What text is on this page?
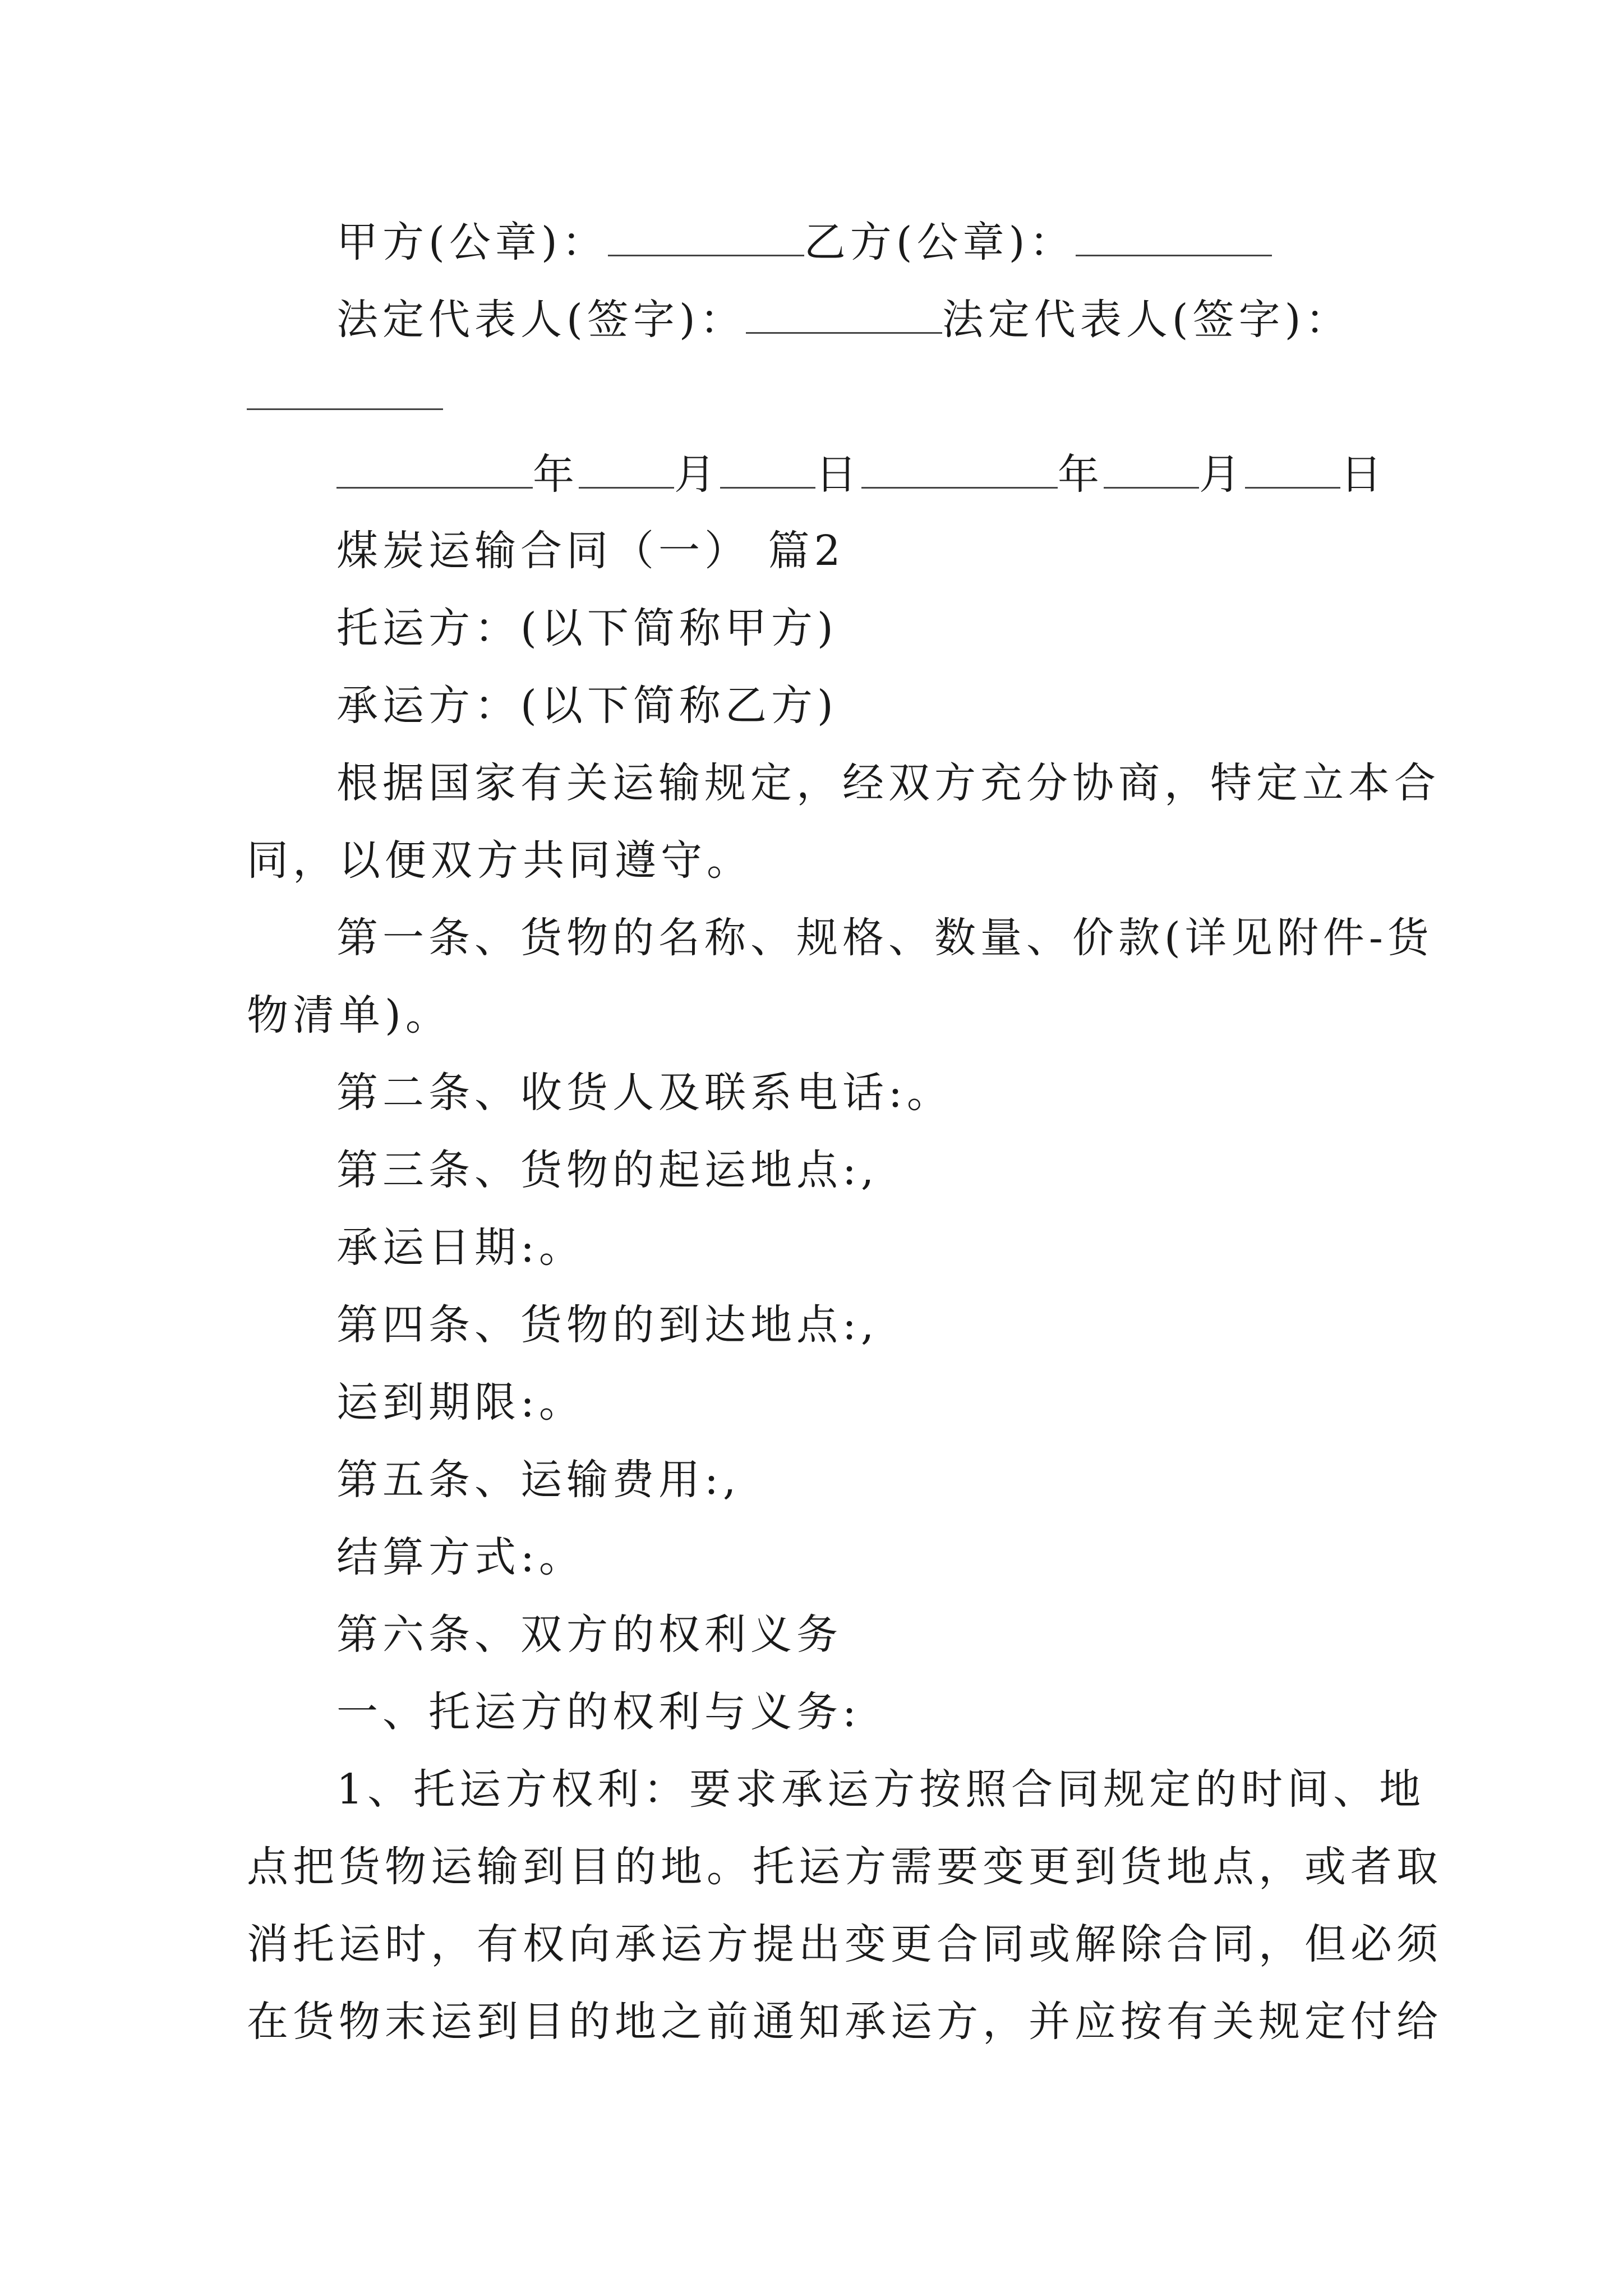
甲方(公章)：	乙方(公章)：
法定代表人(签字)：	法定代表人(签字)：
年 月 日	年 月 日
煤炭运输合同（一） 篇2
托运方：(以下简称甲方)
承运方：(以下简称乙方)
根据国家有关运输规定，经双方充分协商，特定立本合
同，以便双方共同遵守。
第一条、货物的名称、规格、数量、价款(详见附件-货
物清单)。
第二条、收货人及联系电话:。
第三条、货物的起运地点:,
承运日期:。
第四条、货物的到达地点:,
运到期限:。
第五条、运输费用:,
结算方式:。
第六条、双方的权利义务
一、托运方的权利与义务:
1、托运方权利：要求承运方按照合同规定的时间、地
点把货物运输到目的地。托运方需要变更到货地点，或者取
消托运时，有权向承运方提出变更合同或解除合同，但必须
在货物末运到目的地之前通知承运方，并应按有关规定付给
